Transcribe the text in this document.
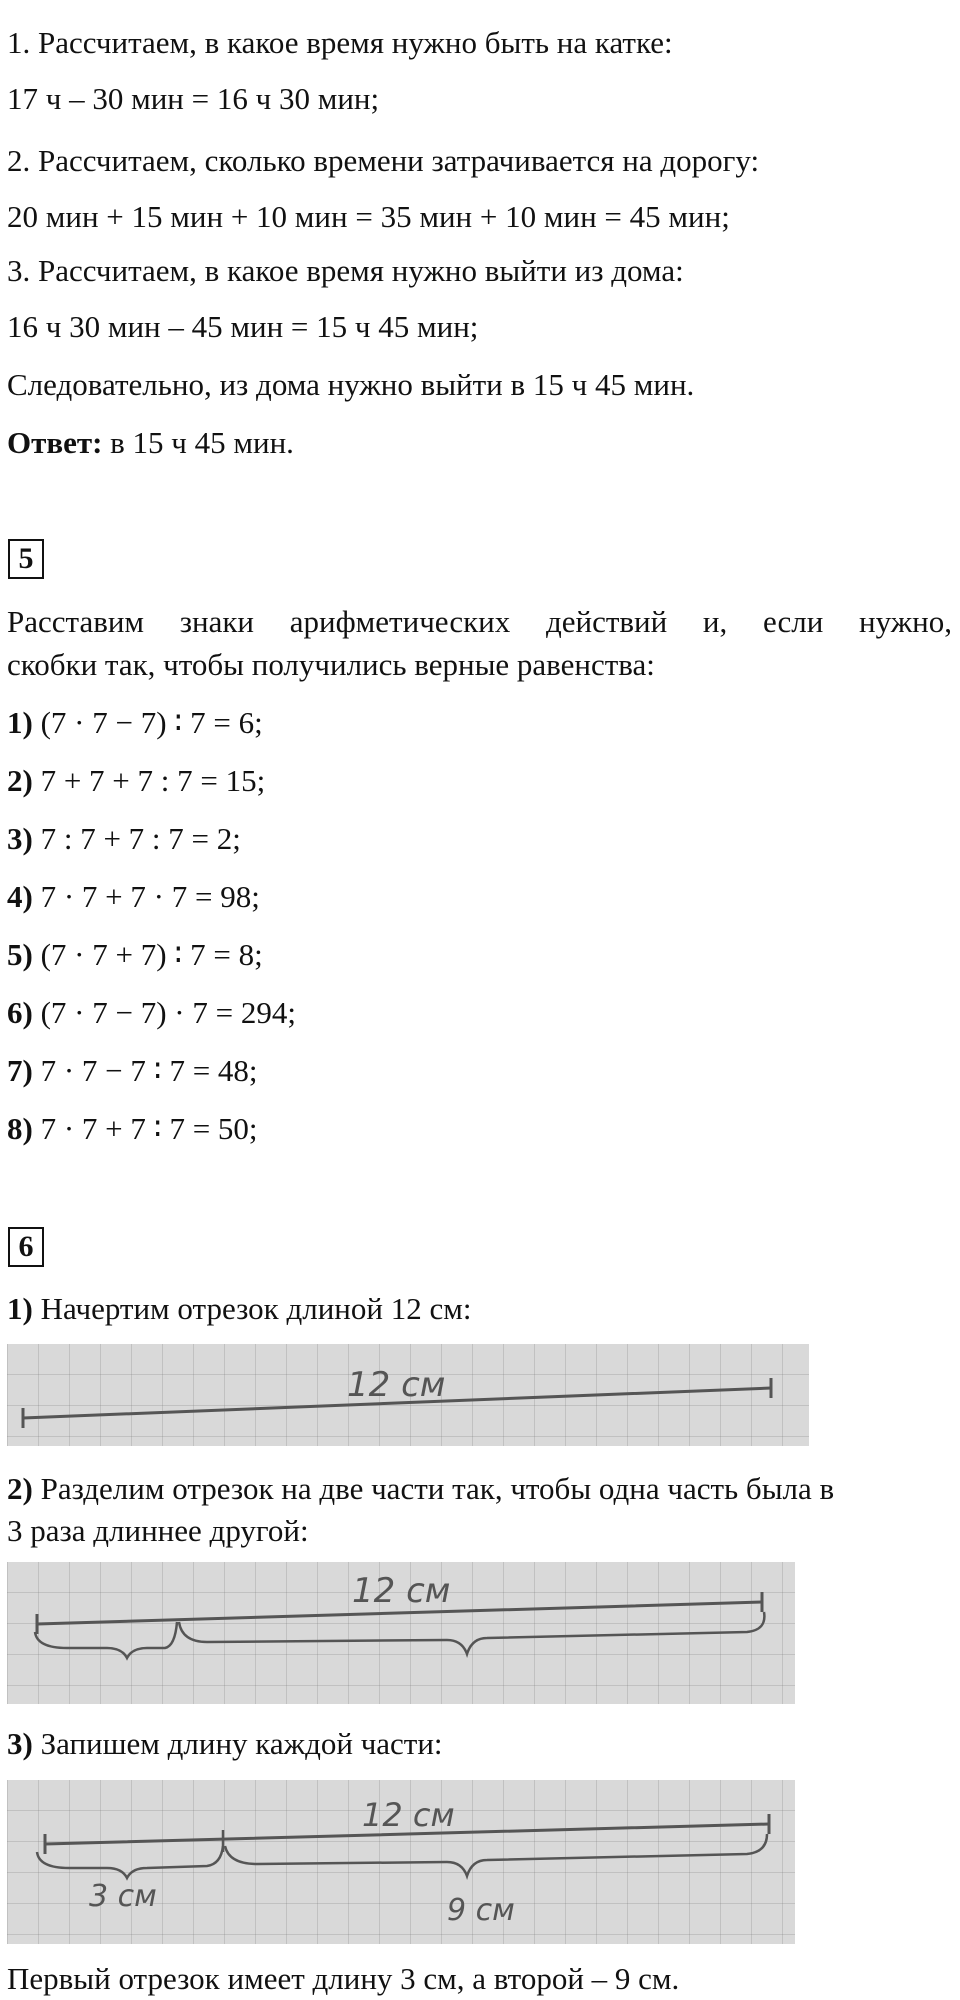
1. Рассчитаем, в какое время нужно быть на катке:
17 ч – 30 мин = 16 ч 30 мин;
2. Рассчитаем, сколько времени затрачивается на дорогу:
20 мин + 15 мин + 10 мин = 35 мин + 10 мин = 45 мин;
3. Рассчитаем, в какое время нужно выйти из дома:
16 ч 30 мин – 45 мин = 15 ч 45 мин;
Следовательно, из дома нужно выйти в 15 ч 45 мин.
Ответ: в 15 ч 45 мин.
5
Расставим знаки арифметических действий и, если нужно,
скобки так, чтобы получились верные равенства:
1) (7 · 7 − 7) ∶ 7 = 6;
2) 7 + 7 + 7 : 7 = 15;
3) 7 : 7 + 7 : 7 = 2;
4) 7 · 7 + 7 · 7 = 98;
5) (7 · 7 + 7) ∶ 7 = 8;
6) (7 · 7 − 7) · 7 = 294;
7) 7 · 7 − 7 ∶ 7 = 48;
8) 7 · 7 + 7 ∶ 7 = 50;
6
1) Начертим отрезок длиной 12 см:
12 см
2) Разделим отрезок на две части так, чтобы одна часть была в
3 раза длиннее другой:
12 см
3) Запишем длину каждой части:
12 см
3 см	9 см
Первый отрезок имеет длину 3 см, а второй – 9 см.
